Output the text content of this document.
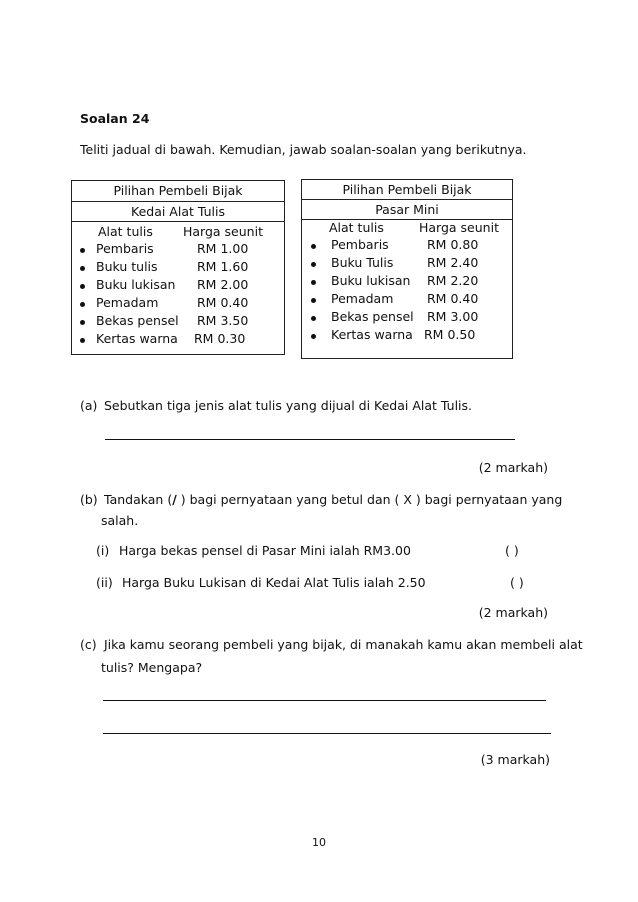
Soalan 24
Teliti jadual di bawah. Kemudian, jawab soalan-soalan yang berikutnya.
Pilihan Pembeli Bijak
Kedai Alat Tulis
Alat tulis Harga seunit
Pembaris	RM 1.00
Buku tulis	RM 1.60
Buku lukisan RM 2.00
Pemadam	RM 0.40
Bekas pensel RM 3.50
Kertas warna RM 0.30
Pilihan Pembeli Bijak
Pasar Mini
Alat tulis	Harga seunit
Pembaris	RM 0.80
Buku Tulis	RM 2.40
Buku lukisan RM 2.20
Pemadam	RM 0.40
Bekas pensel RM 3.00
Kertas warna RM 0.50
(a) Sebutkan tiga jenis alat tulis yang dijual di Kedai Alat Tulis.
(2 markah)
(b) Tandakan (∕ ) bagi pernyataan yang betul dan ( X ) bagi pernyataan yang
salah.
(i) Harga bekas pensel di Pasar Mini ialah RM3.00	( )
(ii) Harga Buku Lukisan di Kedai Alat Tulis ialah 2.50	( )
(2 markah)
(c) Jika kamu seorang pembeli yang bijak, di manakah kamu akan membeli alat
tulis? Mengapa?
(3 markah)
10
